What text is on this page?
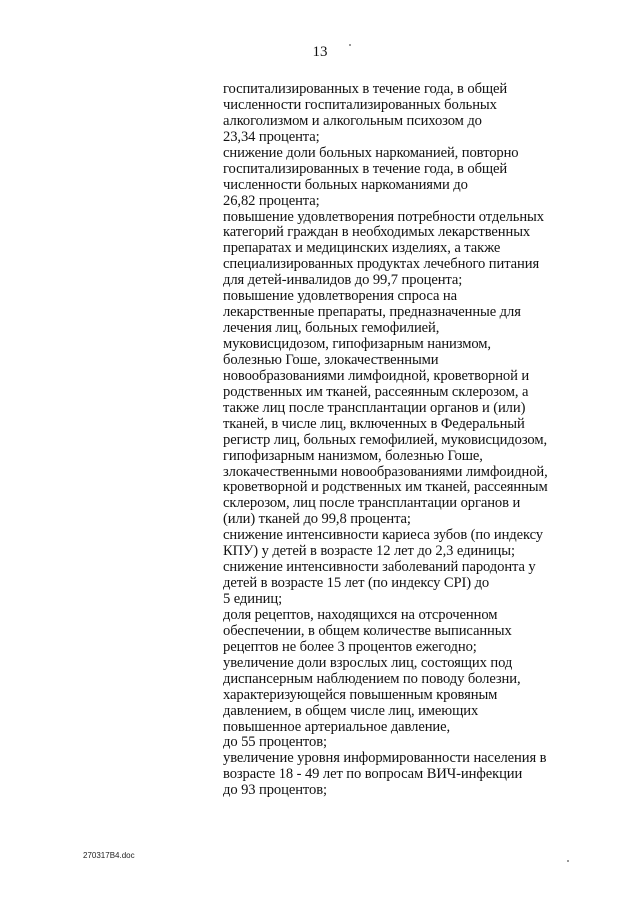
13
госпитализированных в течение года, в общей
численности госпитализированных больных
алкоголизмом и алкогольным психозом до
23,34 процента;
снижение доли больных наркоманией, повторно
госпитализированных в течение года, в общей
численности больных наркоманиями до
26,82 процента;
повышение удовлетворения потребности отдельных
категорий граждан в необходимых лекарственных
препаратах и медицинских изделиях, а также
специализированных продуктах лечебного питания
для детей-инвалидов до 99,7 процента;
повышение удовлетворения спроса на
лекарственные препараты, предназначенные для
лечения лиц, больных гемофилией,
муковисцидозом, гипофизарным нанизмом,
болезнью Гоше, злокачественными
новообразованиями лимфоидной, кроветворной и
родственных им тканей, рассеянным склерозом, а
также лиц после трансплантации органов и (или)
тканей, в числе лиц, включенных в Федеральный
регистр лиц, больных гемофилией, муковисцидозом,
гипофизарным нанизмом, болезнью Гоше,
злокачественными новообразованиями лимфоидной,
кроветворной и родственных им тканей, рассеянным
склерозом, лиц после трансплантации органов и
(или) тканей до 99,8 процента;
снижение интенсивности кариеса зубов (по индексу
КПУ) у детей в возрасте 12 лет до 2,3 единицы;
снижение интенсивности заболеваний пародонта у
детей в возрасте 15 лет (по индексу CPI) до
5 единиц;
доля рецептов, находящихся на отсроченном
обеспечении, в общем количестве выписанных
рецептов не более 3 процентов ежегодно;
увеличение доли взрослых лиц, состоящих под
диспансерным наблюдением по поводу болезни,
характеризующейся повышенным кровяным
давлением, в общем числе лиц, имеющих
повышенное артериальное давление,
до 55 процентов;
увеличение уровня информированности населения в
возрасте 18 - 49 лет по вопросам ВИЧ-инфекции
до 93 процентов;
270317В4.doc
